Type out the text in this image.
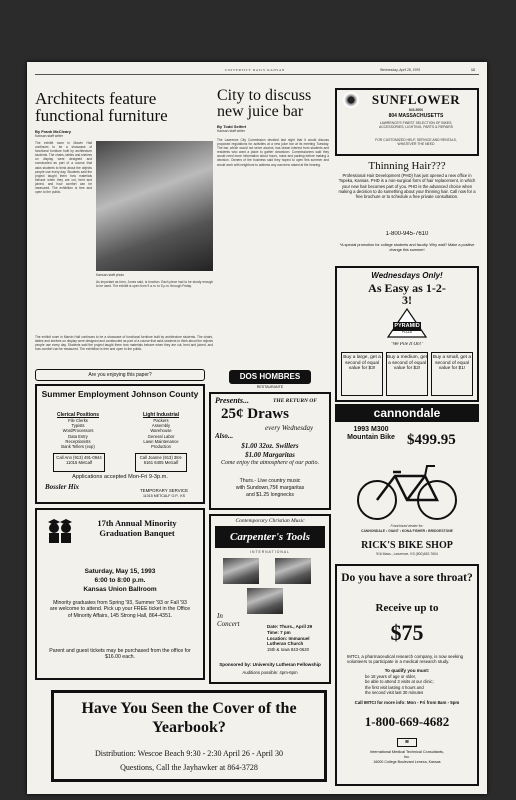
UNIVERSITY DAILY KANSAN	Wednesday, April 28, 1993	13
Architects feature functional furniture
By Frank McCleary
Kansan staff writer
The exhibit room in Marvin Hall continues to be a showcase of functional furniture built by architecture students. The chairs, tables and shelves on display were designed and constructed as part of a course that asks students to think about the objects people use every day. Students said the project taught them how materials behave when they are cut, bent and joined, and how comfort can be measured. The exhibition is free and open to the public.
Kansan staff photo
As important as form, Jones said, is function. Each piece had to be sturdy enough to be used. The exhibit is open from 9 a.m. to 5 p.m. through Friday.
The exhibit room in Marvin Hall continues to be a showcase of functional furniture built by architecture students. The chairs, tables and shelves on display were designed and constructed as part of a course that asks students to think about the objects people use every day. Students said the project taught them how materials behave when they are cut, bent and joined, and how comfort can be measured. The exhibition is free and open to the public.
City to discuss new juice bar
By Todd Seifert
Kansan staff writer
The Lawrence City Commission decided last night that it would discuss proposed regulations for activities at a new juice bar at its meeting Tuesday. The bar, which would not serve alcohol, has drawn interest from students and residents who want a place to gather downtown. Commissioners said they would need more information about hours, noise and parking before making a decision. Owners of the business said they hoped to open this summer and would work with neighbors to address any concerns raised at the hearing.
SUNFLOWER
843-5000
804 MASSACHUSETTS
LAWRENCE'S FINEST SELECTION OF BIKES, ACCESSORIES, LIGHTING, PARTS & REPAIRS
FOR CUSTOMIZED HELP, SERVICE AND RENTALS, WHATEVER THE NEED
Thinning Hair???
Professional Hair Development (PHD) has just opened a new office in Topeka, Kansas. PHD is a non-surgical form of hair replacement, in which your new hair becomes part of you. PHD is the advanced choice when making a decision to do something about your thinning hair. Call now for a free brochure or to schedule a free private consultation.
1-800-945-7610
*A special promotion for college students and faculty. Why wait? Make a positive change this summer!
Wednesdays Only!
As Easy as 1-2-3!
PYRAMID
PIZZA
"We Pile It On!"
Buy a large, get a second of equal value for $3!
Buy a medium, get a second of equal value for $2!
Buy a small, get a second of equal value for $1!
Are you enjoying this paper?
Summer Employment Johnson County
Clerical Positions
File Clerks
Typists
WordProcessors
Data Entry
Receptionists
Bank Tellers (exp)
Light Industrial
Packers
Assembly
Warehouse
General Labor
Lawn Maintenance
Production
Call Ann (913) 491-0944 11015 Metcalf
Call Joanne (913) 384-6161 6405 Metcalf
Applications accepted Mon-Fri 9-3p.m.
Bossler Hix	TEMPORARY SERVICE
11015 METCALF O.P., KS
DOS HOMBRES
RESTAURANTE
Presents...	THE RETURN OF
25¢ Draws
every Wednesday
Also...
$1.00 32oz. Swillers
$1.00 Margaritas
Come enjoy the atmosphere of our patio.
Thurs.- Live country music
with Sundown,75¢ margaritas
and $1.25 longnecks
cannondale
1993 M300 Mountain Bike $499.95
Franchised dealer for:
CANNONDALE • GIANT • KONA FISHER • BRIDGESTONE
RICK'S BIKE SHOP
916 Mass., Lawrence, KS (800)452-7604
17th Annual Minority Graduation Banquet
Saturday, May 15, 1993
6:00 to 8:00 p.m.
Kansas Union Ballroom
Minority graduates from Spring '93, Summer '93 or Fall '93 are welcome to attend. Pick up your FREE ticket in the Office of Minority Affairs, 145 Strong Hall, 864-4351.
Parent and guest tickets may be purchased from the office for $16.00 each.
Contemporary Christian Music
Carpenter's Tools
INTERNATIONAL
In Concert	Date: Thurs., April 29
Time: 7 pm
Location: Immanuel Lutheran Church
15th & Iowa 843-0620
Sponsored by: University Lutheran Fellowship
Auditions possible: 4pm-6pm
Do you have a sore throat?
Receive up to
$75
IMTCI, a pharmaceutical research company, is now seeking volunteers to participate in a medical research study.
To qualify you must:
be 18 years of age or older,
be able to attend 3 visits at our clinic;
the first visit lasting 4 hours and
the second visit last 30 minutes
Call IMTCI for more info: Mon - Fri from 8am - 5pm
1-800-669-4682
≋
International Medical Technical Consultants, Inc.
16000 College Boulevard Lenexa, Kansas
Have You Seen the Cover of the Yearbook?
Distribution: Wescoe Beach 9:30 - 2:30 April 26 - April 30
Questions, Call the Jayhawker at 864-3728
